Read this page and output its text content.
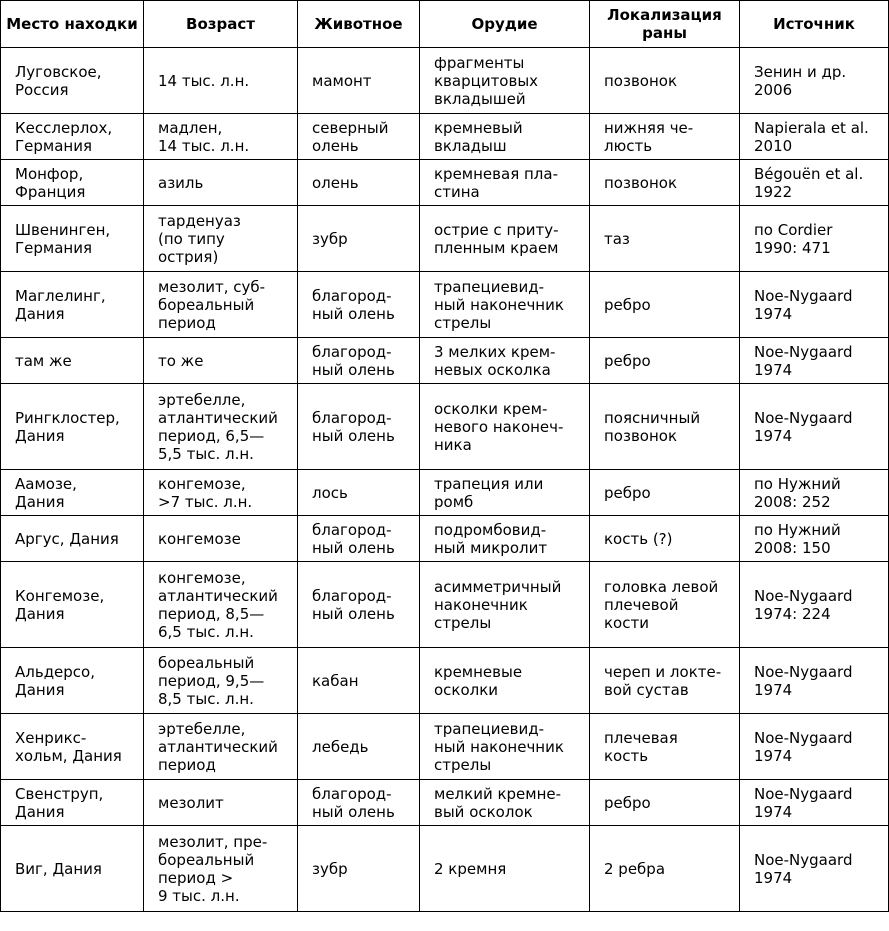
Место находки	Возраст	Животное	Орудие	Локализация раны	Источник
Луговское,
Россия	14 тыс. л.н.	мамонт	фрагменты
кварцитовых
вкладышей	позвонок	Зенин и др.
2006
Кесслерлох,
Германия	мадлен,
14 тыс. л.н.	северный
олень	кремневый
вкладыш	нижняя че-
люсть	Napierala et al.
2010
Монфор,
Франция	азиль	олень	кремневая пла-
стина	позвонок	Bégouën et al.
1922
Швенинген,
Германия	тарденуаз
(по типу
острия)	зубр	острие с приту-
пленным краем	таз	по Cordier
1990: 471
Маглелинг,
Дания	мезолит, суб-
бореальный
период	благород-
ный олень	трапециевид-
ный наконечник
стрелы	ребро	Noe-Nygaard
1974
там же	то же	благород-
ный олень	3 мелких крем-
невых осколка	ребро	Noe-Nygaard
1974
Рингклостер,
Дания	эртебелле,
атлантический
период, 6,5—
5,5 тыс. л.н.	благород-
ный олень	осколки крем-
невого наконеч-
ника	поясничный
позвонок	Noe-Nygaard
1974
Аамозе,
Дания	конгемозе,
>7 тыс. л.н.	лось	трапеция или
ромб	ребро	по Нужний
2008: 252
Аргус, Дания	конгемозе	благород-
ный олень	подромбовид-
ный микролит	кость (?)	по Нужний
2008: 150
Конгемозе,
Дания	конгемозе,
атлантический
период, 8,5—
6,5 тыс. л.н.	благород-
ный олень	асимметричный
наконечник
стрелы	головка левой
плечевой
кости	Noe-Nygaard
1974: 224
Альдерсо,
Дания	бореальный
период, 9,5—
8,5 тыс. л.н.	кабан	кремневые
осколки	череп и локте-
вой сустав	Noe-Nygaard
1974
Хенрикс-
хольм, Дания	эртебелле,
атлантический
период	лебедь	трапециевид-
ный наконечник
стрелы	плечевая
кость	Noe-Nygaard
1974
Свенструп,
Дания	мезолит	благород-
ный олень	мелкий кремне-
вый осколок	ребро	Noe-Nygaard
1974
Виг, Дания	мезолит, пре-
бореальный
период >
9 тыс. л.н.	зубр	2 кремня	2 ребра	Noe-Nygaard
1974
